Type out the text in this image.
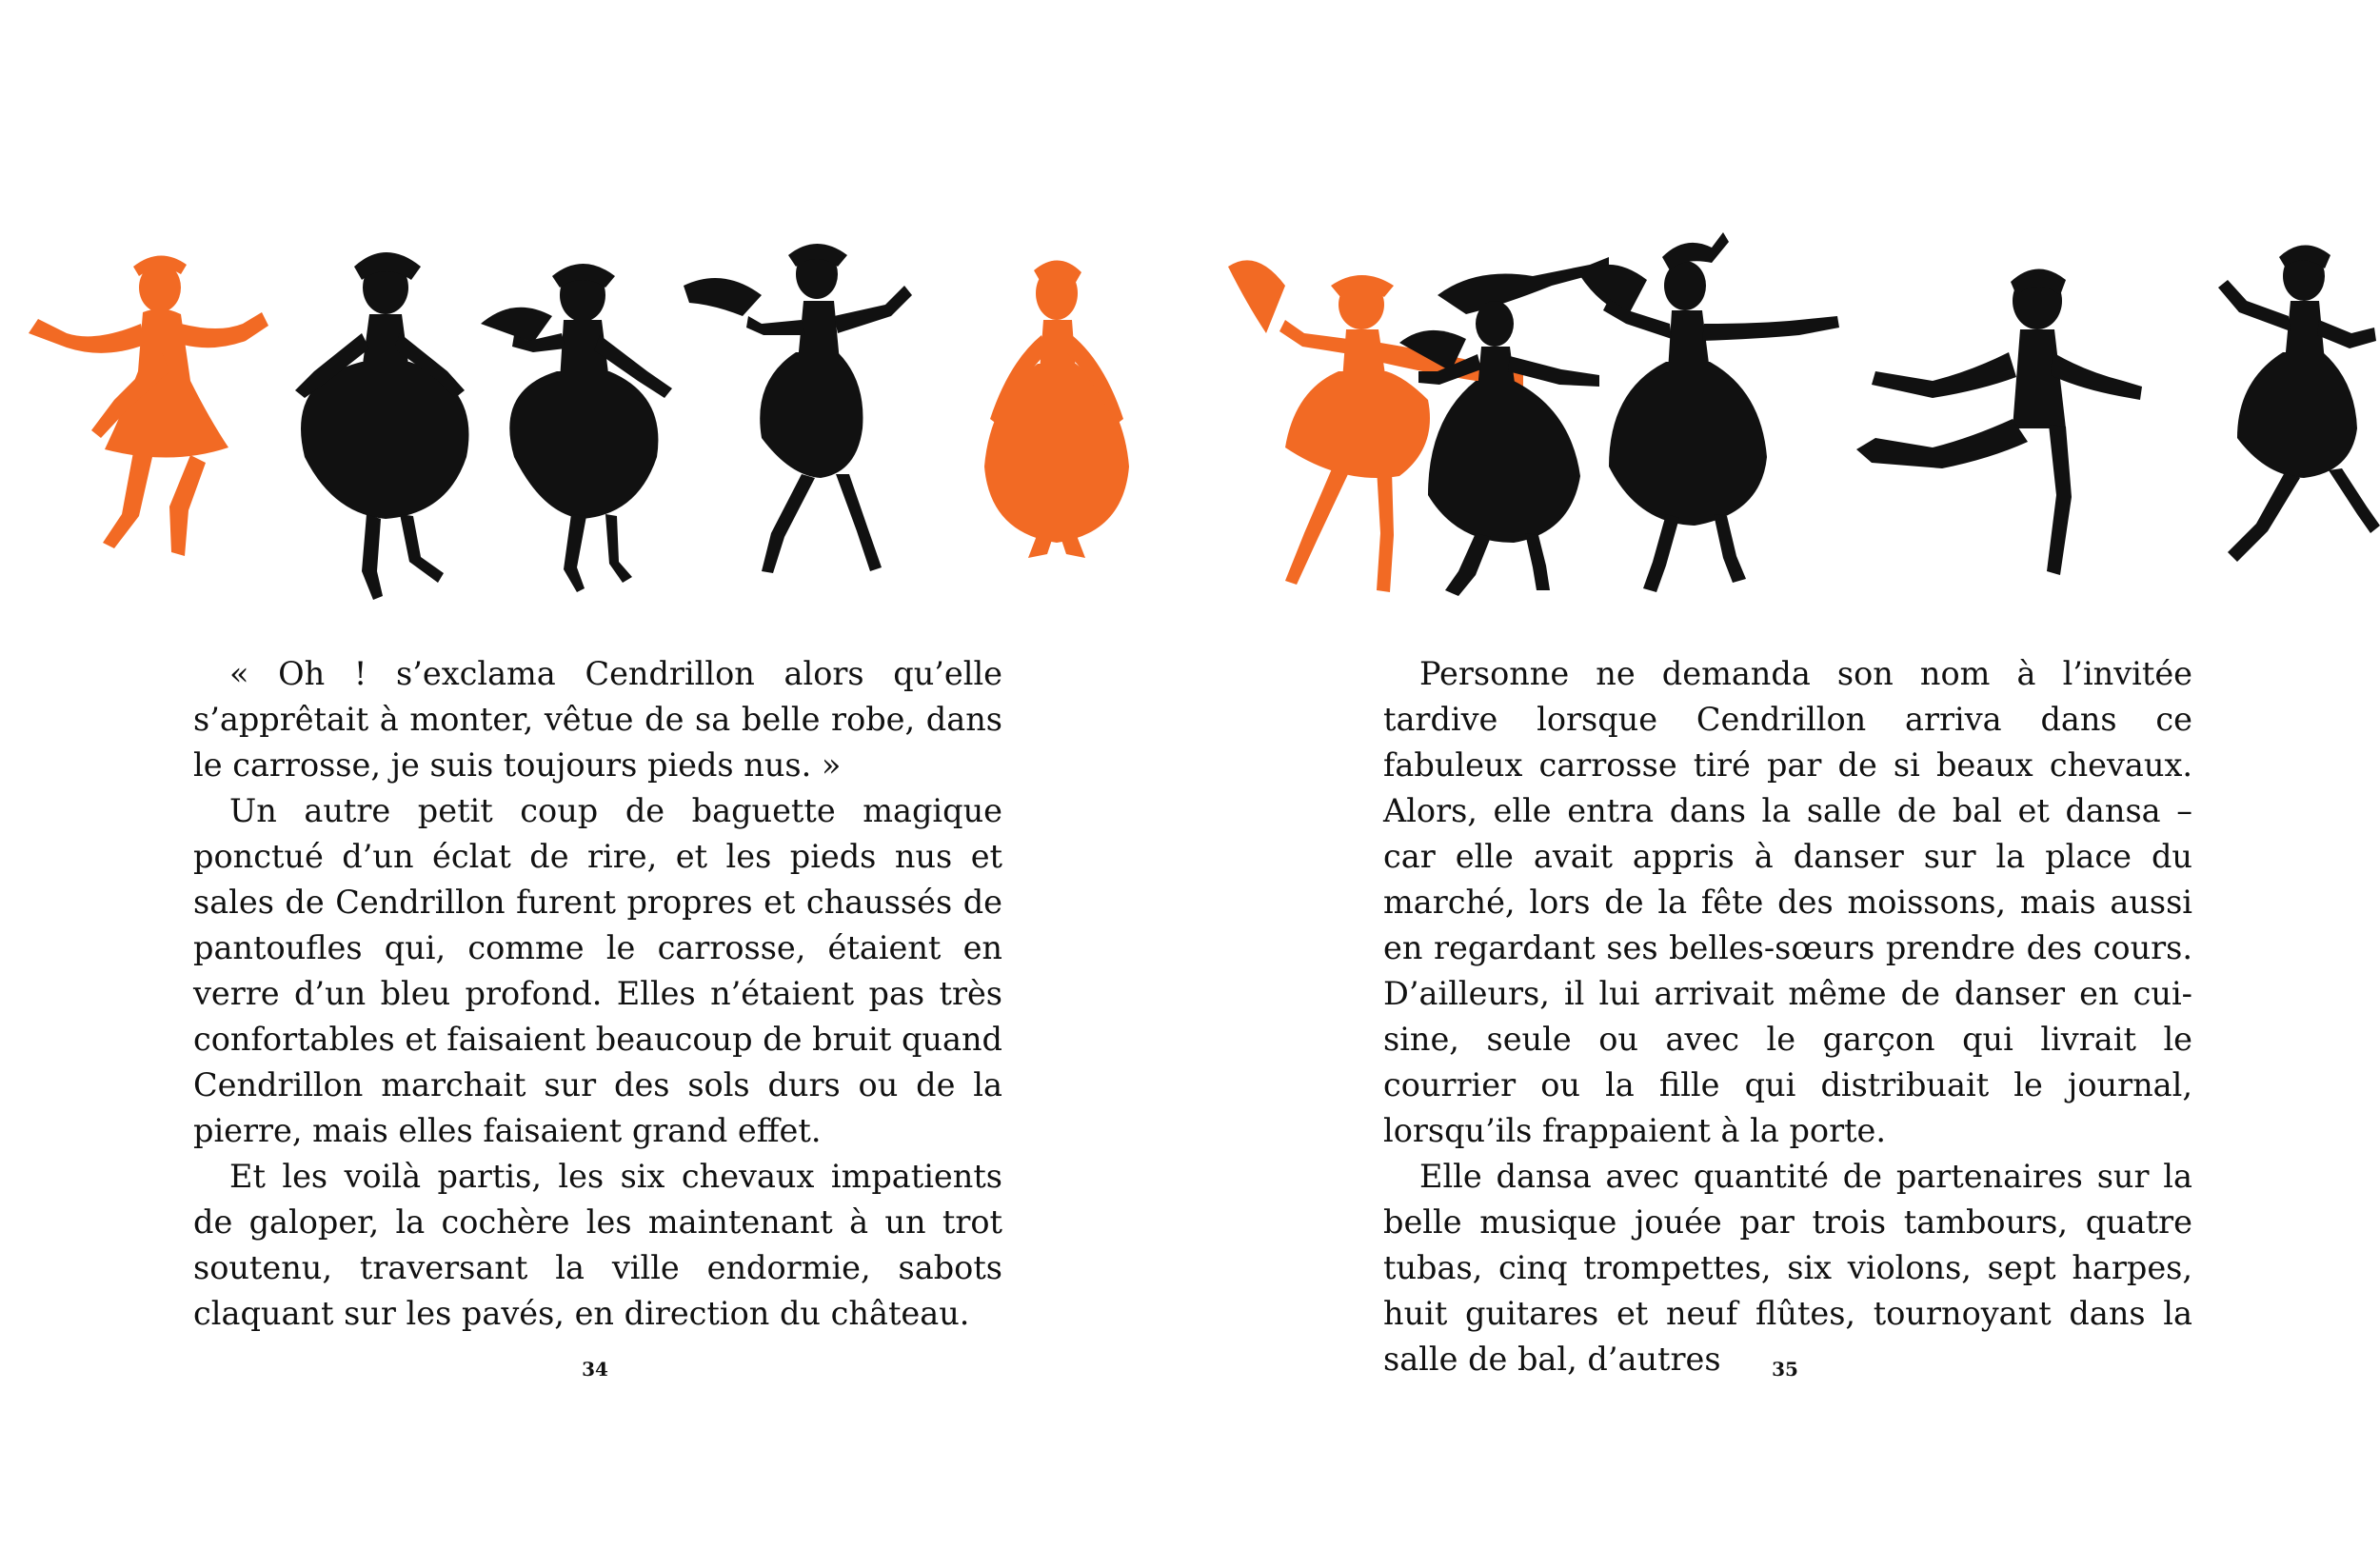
« Oh ! s’exclama Cendrillon alors qu’elle s’apprêtait à monter, vêtue de sa belle robe, dans le carrosse, je suis toujours pieds nus. »

Un autre petit coup de baguette magique ponctué d’un éclat de rire, et les pieds nus et sales de Cendrillon furent propres et chaussés de pantoufles qui, comme le carrosse, étaient en verre d’un bleu profond. Elles n’étaient pas très confortables et faisaient beaucoup de bruit quand Cendrillon marchait sur des sols durs ou de la pierre, mais elles faisaient grand effet.

Et les voilà partis, les six chevaux impatients de galoper, la cochère les maintenant à un trot soutenu, traversant la ville endormie, sabots claquant sur les pavés, en direction du château.

34

Personne ne demanda son nom à l’invitée tardive lorsque Cendrillon arriva dans ce fabuleux carrosse tiré par de si beaux chevaux. Alors, elle entra dans la salle de bal et dansa – car elle avait appris à danser sur la place du marché, lors de la fête des moissons, mais aussi en regardant ses belles-sœurs prendre des cours. D’ailleurs, il lui arrivait même de danser en cuisine, seule ou avec le garçon qui livrait le courrier ou la fille qui distribuait le journal, lorsqu’ils frappaient à la porte.

Elle dansa avec quantité de partenaires sur la belle musique jouée par trois tambours, quatre tubas, cinq trompettes, six violons, sept harpes, huit guitares et neuf flûtes, tournoyant dans la salle de bal, d’autres	35
